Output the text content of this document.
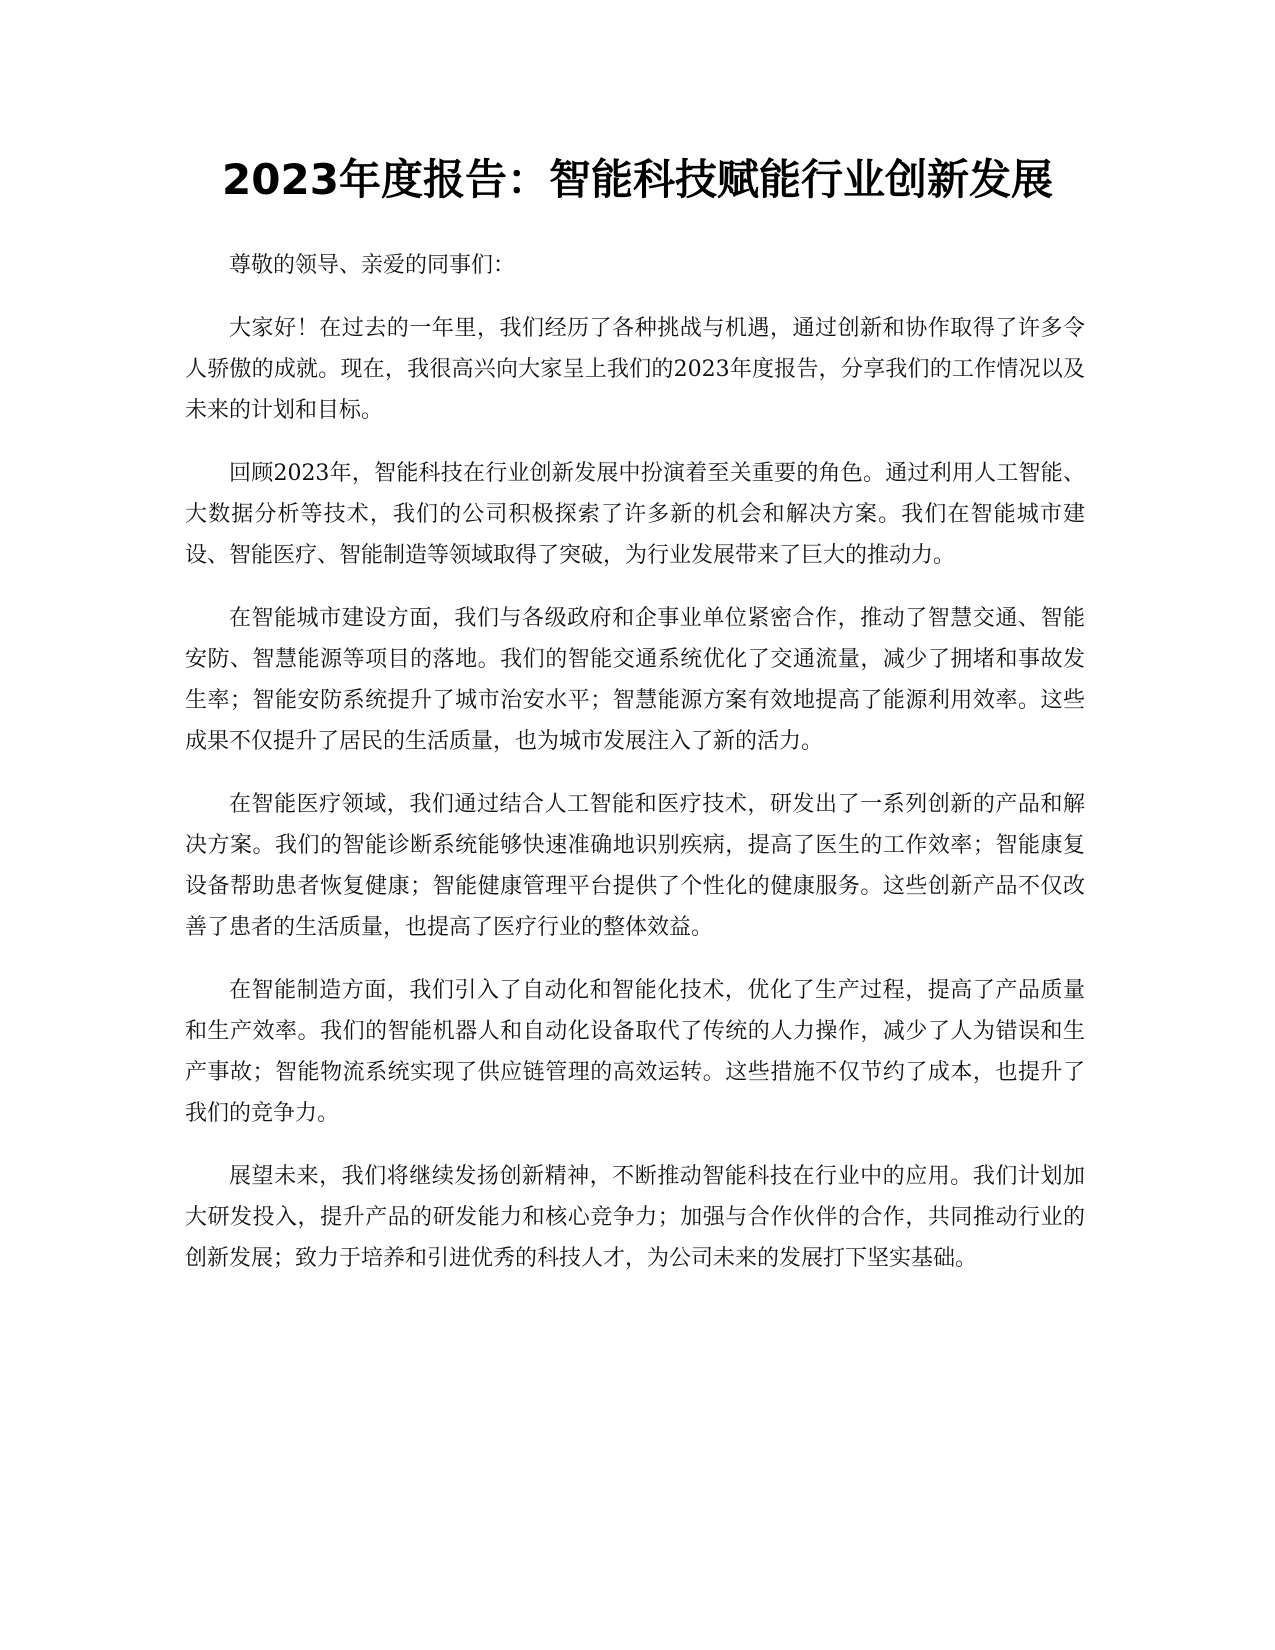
2023年度报告：智能科技赋能行业创新发展

尊敬的领导、亲爱的同事们：

大家好！在过去的一年里，我们经历了各种挑战与机遇，通过创新和协作取得了许多令人骄傲的成就。现在，我很高兴向大家呈上我们的2023年度报告，分享我们的工作情况以及未来的计划和目标。

回顾2023年，智能科技在行业创新发展中扮演着至关重要的角色。通过利用人工智能、大数据分析等技术，我们的公司积极探索了许多新的机会和解决方案。我们在智能城市建设、智能医疗、智能制造等领域取得了突破，为行业发展带来了巨大的推动力。

在智能城市建设方面，我们与各级政府和企事业单位紧密合作，推动了智慧交通、智能安防、智慧能源等项目的落地。我们的智能交通系统优化了交通流量，减少了拥堵和事故发生率；智能安防系统提升了城市治安水平；智慧能源方案有效地提高了能源利用效率。这些成果不仅提升了居民的生活质量，也为城市发展注入了新的活力。

在智能医疗领域，我们通过结合人工智能和医疗技术，研发出了一系列创新的产品和解决方案。我们的智能诊断系统能够快速准确地识别疾病，提高了医生的工作效率；智能康复设备帮助患者恢复健康；智能健康管理平台提供了个性化的健康服务。这些创新产品不仅改善了患者的生活质量，也提高了医疗行业的整体效益。

在智能制造方面，我们引入了自动化和智能化技术，优化了生产过程，提高了产品质量和生产效率。我们的智能机器人和自动化设备取代了传统的人力操作，减少了人为错误和生产事故；智能物流系统实现了供应链管理的高效运转。这些措施不仅节约了成本，也提升了我们的竞争力。

展望未来，我们将继续发扬创新精神，不断推动智能科技在行业中的应用。我们计划加大研发投入，提升产品的研发能力和核心竞争力；加强与合作伙伴的合作，共同推动行业的创新发展；致力于培养和引进优秀的科技人才，为公司未来的发展打下坚实基础。
